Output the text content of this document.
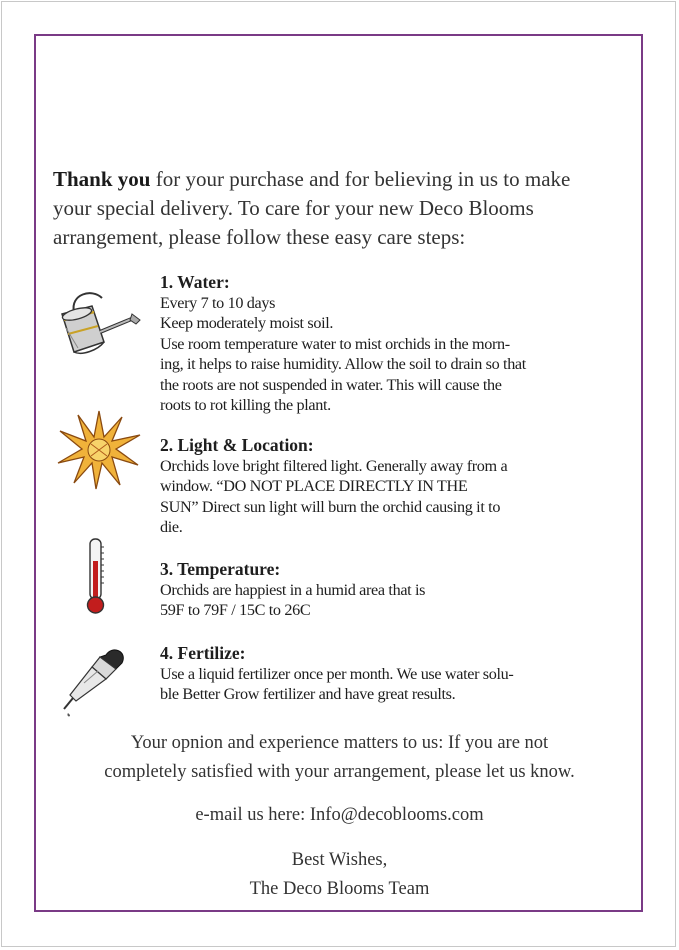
Thank you for your purchase and for believing in us to make your special delivery. To care for your new Deco Blooms arrangement, please follow these easy care steps:
1. Water:
Every 7 to 10 days
Keep moderately moist soil.
Use room temperature water to mist orchids in the morn-
ing, it helps to raise humidity. Allow the soil to drain so that
the roots are not suspended in water. This will cause the
roots to rot killing the plant.
2. Light & Location:
Orchids love bright filtered light. Generally away from a
window. “DO NOT PLACE DIRECTLY IN THE
SUN” Direct sun light will burn the orchid causing it to
die.
3. Temperature:
Orchids are happiest in a humid area that is
59F to 79F / 15C to 26C
4. Fertilize:
Use a liquid fertilizer once per month. We use water solu-
ble Better Grow fertilizer and have great results.
Your opnion and experience matters to us: If you are not
completely satisfied with your arrangement, please let us know.
e-mail us here: Info@decoblooms.com
Best Wishes,
The Deco Blooms Team
